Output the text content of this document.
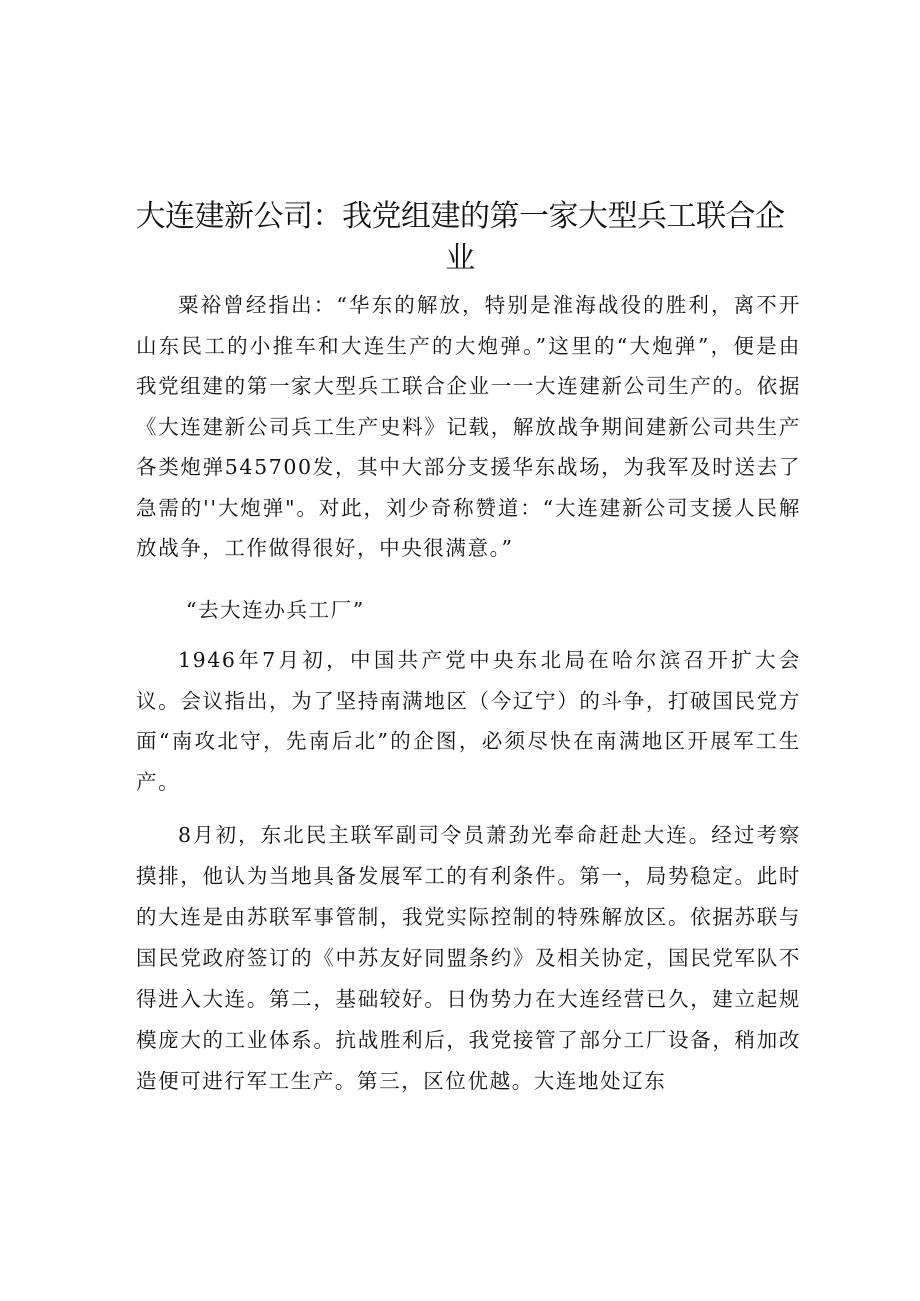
大连建新公司：我党组建的第一家大型兵工联合企业

粟裕曾经指出：“华东的解放，特别是淮海战役的胜利，离不开山东民工的小推车和大连生产的大炮弹。”这里的“大炮弹”，便是由我党组建的第一家大型兵工联合企业一一大连建新公司生产的。依据《大连建新公司兵工生产史料》记载，解放战争期间建新公司共生产各类炮弹545700发，其中大部分支援华东战场，为我军及时送去了急需的''大炮弹"。对此，刘少奇称赞道：“大连建新公司支援人民解放战争，工作做得很好，中央很满意。”

“去大连办兵工厂”

1946年7月初，中国共产党中央东北局在哈尔滨召开扩大会议。会议指出，为了坚持南满地区（今辽宁）的斗争，打破国民党方面“南攻北守，先南后北”的企图，必须尽快在南满地区开展军工生产。

8月初，东北民主联军副司令员萧劲光奉命赶赴大连。经过考察摸排，他认为当地具备发展军工的有利条件。第一，局势稳定。此时的大连是由苏联军事管制，我党实际控制的特殊解放区。依据苏联与国民党政府签订的《中苏友好同盟条约》及相关协定，国民党军队不得进入大连。第二，基础较好。日伪势力在大连经营已久，建立起规模庞大的工业体系。抗战胜利后，我党接管了部分工厂设备，稍加改造便可进行军工生产。第三，区位优越。大连地处辽东
